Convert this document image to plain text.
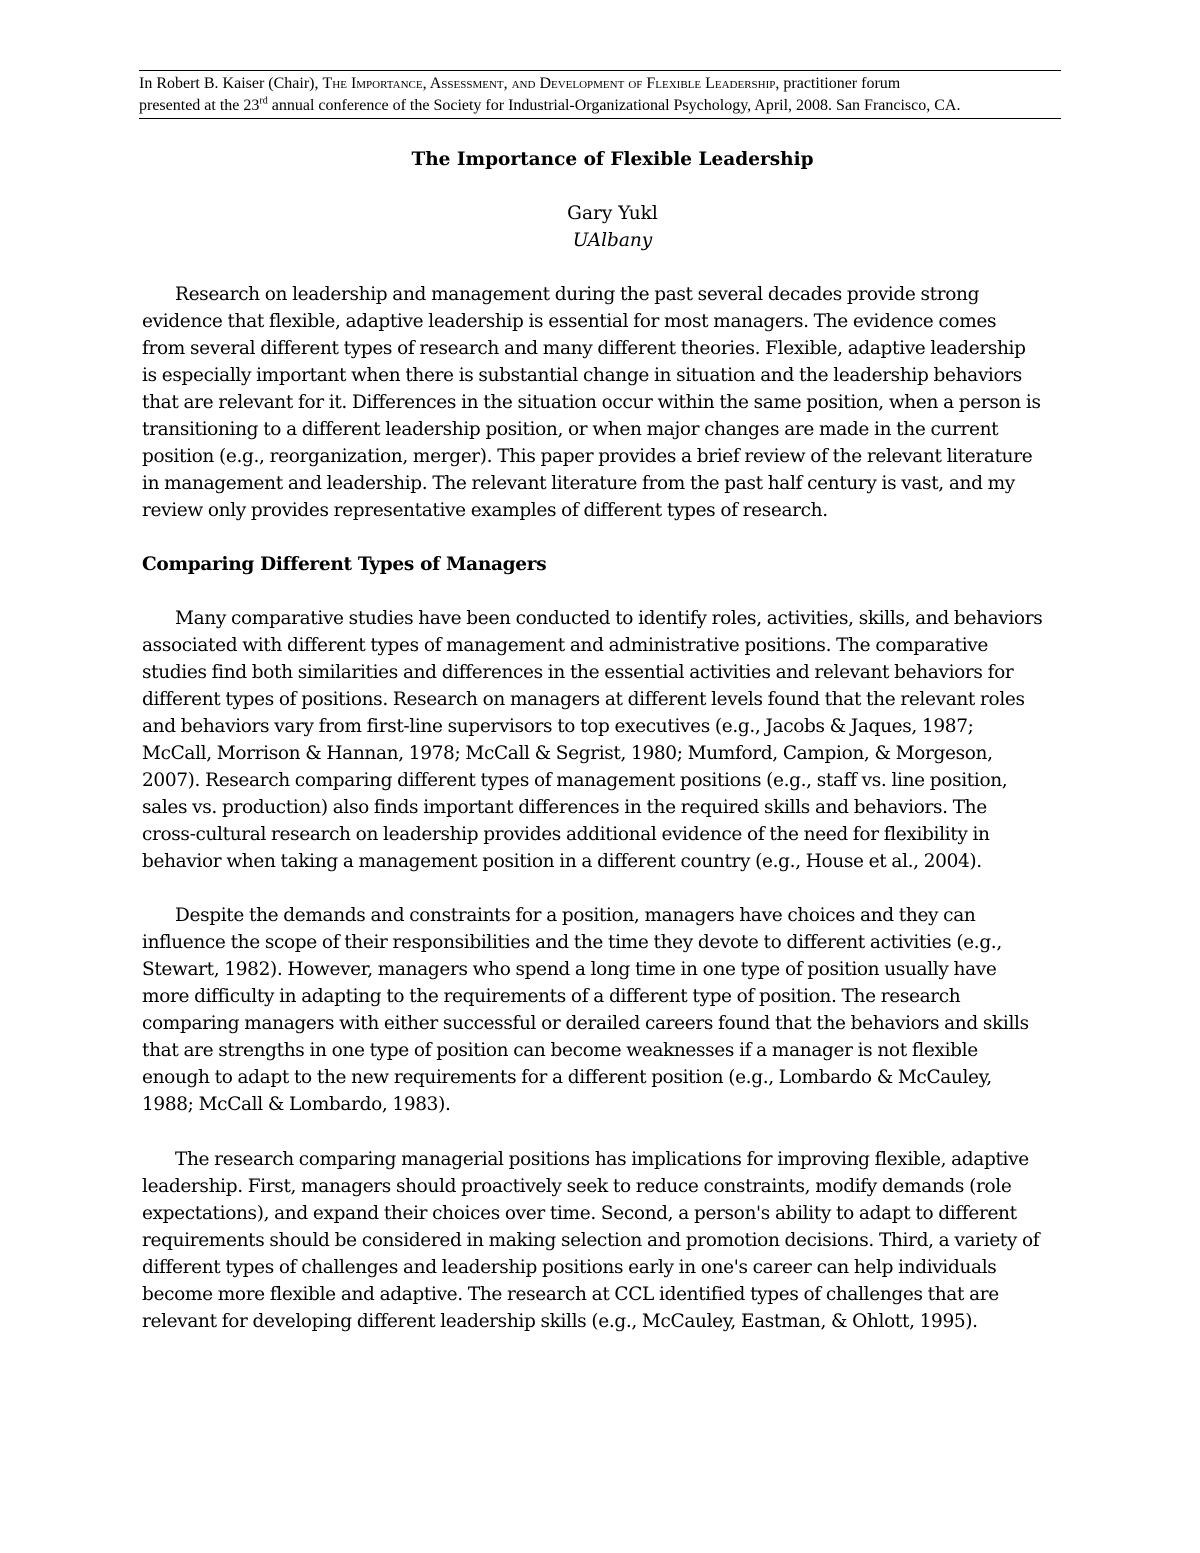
In Robert B. Kaiser (Chair), The Importance, Assessment, and Development of Flexible Leadership, practitioner forum
presented at the 23rd annual conference of the Society for Industrial-Organizational Psychology, April, 2008. San Francisco, CA.
The Importance of Flexible Leadership
Gary Yukl
UAlbany
Research on leadership and management during the past several decades provide strong
evidence that flexible, adaptive leadership is essential for most managers. The evidence comes
from several different types of research and many different theories. Flexible, adaptive leadership
is especially important when there is substantial change in situation and the leadership behaviors
that are relevant for it. Differences in the situation occur within the same position, when a person is
transitioning to a different leadership position, or when major changes are made in the current
position (e.g., reorganization, merger). This paper provides a brief review of the relevant literature
in management and leadership. The relevant literature from the past half century is vast, and my
review only provides representative examples of different types of research.
Comparing Different Types of Managers
Many comparative studies have been conducted to identify roles, activities, skills, and behaviors
associated with different types of management and administrative positions. The comparative
studies find both similarities and differences in the essential activities and relevant behaviors for
different types of positions. Research on managers at different levels found that the relevant roles
and behaviors vary from first-line supervisors to top executives (e.g., Jacobs & Jaques, 1987;
McCall, Morrison & Hannan, 1978; McCall & Segrist, 1980; Mumford, Campion, & Morgeson,
2007). Research comparing different types of management positions (e.g., staff vs. line position,
sales vs. production) also finds important differences in the required skills and behaviors. The
cross-cultural research on leadership provides additional evidence of the need for flexibility in
behavior when taking a management position in a different country (e.g., House et al., 2004).
Despite the demands and constraints for a position, managers have choices and they can
influence the scope of their responsibilities and the time they devote to different activities (e.g.,
Stewart, 1982). However, managers who spend a long time in one type of position usually have
more difficulty in adapting to the requirements of a different type of position. The research
comparing managers with either successful or derailed careers found that the behaviors and skills
that are strengths in one type of position can become weaknesses if a manager is not flexible
enough to adapt to the new requirements for a different position (e.g., Lombardo & McCauley,
1988; McCall & Lombardo, 1983).
The research comparing managerial positions has implications for improving flexible, adaptive
leadership. First, managers should proactively seek to reduce constraints, modify demands (role
expectations), and expand their choices over time. Second, a person's ability to adapt to different
requirements should be considered in making selection and promotion decisions. Third, a variety of
different types of challenges and leadership positions early in one's career can help individuals
become more flexible and adaptive. The research at CCL identified types of challenges that are
relevant for developing different leadership skills (e.g., McCauley, Eastman, & Ohlott, 1995).
